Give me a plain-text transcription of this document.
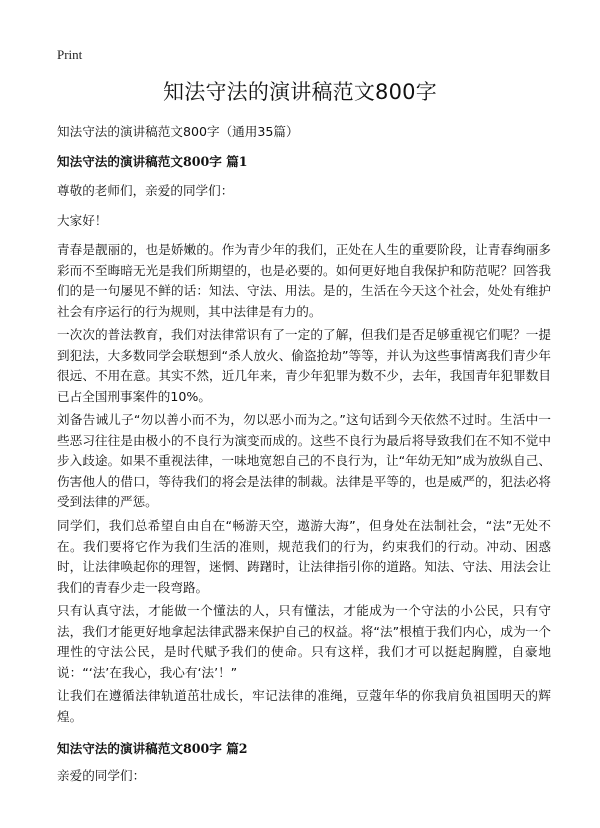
Print
知法守法的演讲稿范文800字

知法守法的演讲稿范文800字（通用35篇）

知法守法的演讲稿范文800字 篇1

尊敬的老师们，亲爱的同学们：

大家好！

青春是靓丽的，也是娇嫩的。作为青少年的我们，正处在人生的重要阶段，让青春绚丽多彩而不至晦暗无光是我们所期望的，也是必要的。如何更好地自我保护和防范呢？回答我们的是一句屡见不鲜的话：知法、守法、用法。是的，生活在今天这个社会，处处有维护社会有序运行的行为规则，其中法律是有力的。

一次次的普法教育，我们对法律常识有了一定的了解，但我们是否足够重视它们呢？一提到犯法，大多数同学会联想到“杀人放火、偷盗抢劫”等等，并认为这些事情离我们青少年很远、不用在意。其实不然，近几年来，青少年犯罪为数不少，去年，我国青年犯罪数目已占全国刑事案件的10%。

刘备告诫儿子“勿以善小而不为，勿以恶小而为之。”这句话到今天依然不过时。生活中一些恶习往往是由极小的不良行为演变而成的。这些不良行为最后将导致我们在不知不觉中步入歧途。如果不重视法律，一味地宽恕自己的不良行为，让“年幼无知”成为放纵自己、伤害他人的借口，等待我们的将会是法律的制裁。法律是平等的，也是威严的，犯法必将受到法律的严惩。

同学们，我们总希望自由自在“畅游天空，遨游大海”，但身处在法制社会，“法”无处不在。我们要将它作为我们生活的准则，规范我们的行为，约束我们的行动。冲动、困惑时，让法律唤起你的理智，迷惘、踌躇时，让法律指引你的道路。知法、守法、用法会让我们的青春少走一段弯路。

只有认真守法，才能做一个懂法的人，只有懂法，才能成为一个守法的小公民，只有守法，我们才能更好地拿起法律武器来保护自己的权益。将“法”根植于我们内心，成为一个理性的守法公民，是时代赋予我们的使命。只有这样，我们才可以挺起胸膛，自豪地说：“‘法’在我心，我心有‘法’！”

让我们在遵循法律轨道茁壮成长，牢记法律的准绳，豆蔻年华的你我肩负祖国明天的辉煌。

知法守法的演讲稿范文800字 篇2

亲爱的同学们：
